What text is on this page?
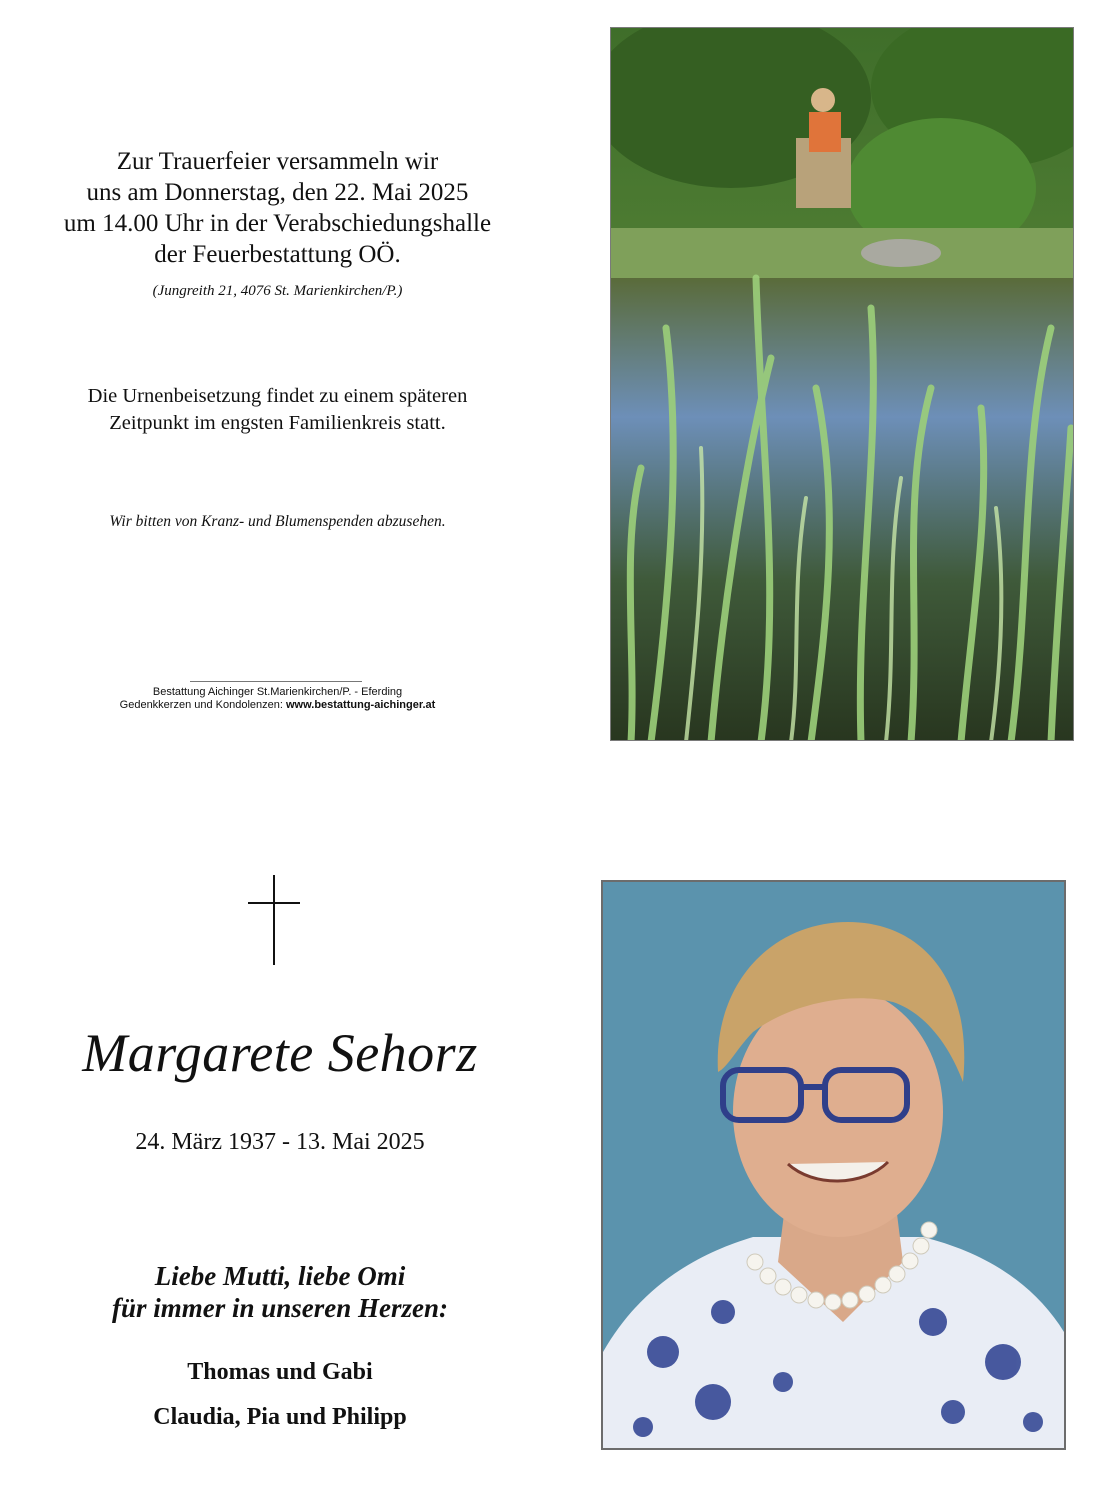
Zur Trauerfeier versammeln wir
uns am Donnerstag, den 22. Mai 2025
um 14.00 Uhr in der Verabschiedungshalle
der Feuerbestattung OÖ.
(Jungreith 21, 4076 St. Marienkirchen/P.)
Die Urnenbeisetzung findet zu einem späteren
Zeitpunkt im engsten Familienkreis statt.
Wir bitten von Kranz- und Blumenspenden abzusehen.
Bestattung Aichinger St.Marienkirchen/P. - Eferding
Gedenkkerzen und Kondolenzen: www.bestattung-aichinger.at
Margarete Sehorz
24. März 1937 - 13. Mai 2025
Liebe Mutti, liebe Omi
für immer in unseren Herzen:
Thomas und Gabi
Claudia, Pia und Philipp
